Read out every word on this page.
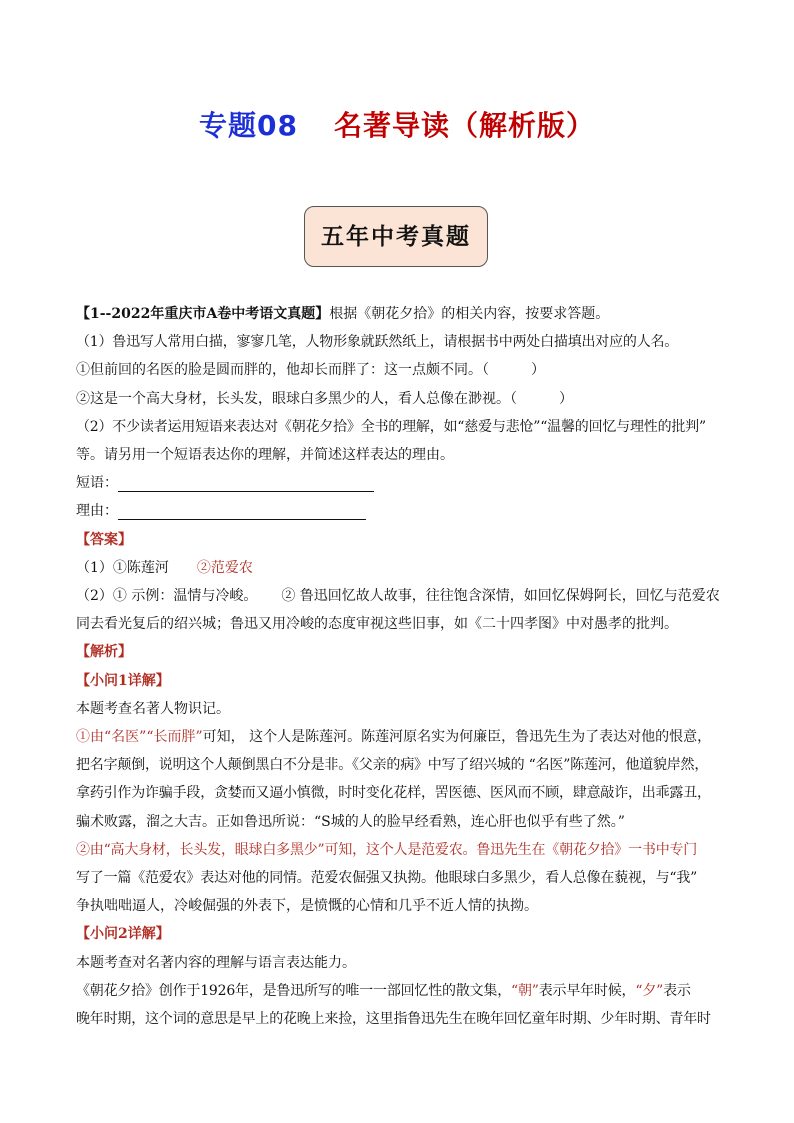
专题08 名著导读（解析版）
五年中考真题
【1--2022年重庆市A卷中考语文真题】根据《朝花夕拾》的相关内容，按要求答题。
（1）鲁迅写人常用白描，寥寥几笔，人物形象就跃然纸上，请根据书中两处白描填出对应的人名。
①但前回的名医的脸是圆而胖的，他却长而胖了：这一点颇不同。（　　　）
②这是一个高大身材，长头发，眼球白多黑少的人，看人总像在渺视。（　　　）
（2）不少读者运用短语来表达对《朝花夕拾》全书的理解，如“慈爱与悲怆”“温馨的回忆与理性的批判”
等。请另用一个短语表达你的理解，并简述这样表达的理由。
短语：
理由：
【答案】
（1）①陈莲河 ②范爱农
（2）① 示例：温情与冷峻。 ② 鲁迅回忆故人故事，往往饱含深情，如回忆保姆阿长，回忆与范爱农
同去看光复后的绍兴城；鲁迅又用冷峻的态度审视这些旧事，如《二十四孝图》中对愚孝的批判。
【解析】
【小问1详解】
本题考查名著人物识记。
①由“名医”“长而胖”可知， 这个人是陈莲河。陈莲河原名实为何廉臣，鲁迅先生为了表达对他的恨意，
把名字颠倒，说明这个人颠倒黑白不分是非。《父亲的病》中写了绍兴城的 “名医”陈莲河，他道貌岸然，
拿药引作为诈骗手段，贪婪而又逼小慎微，时时变化花样，罟医德、医风而不顾，肆意敲诈，出乖露丑，
骗术败露，溜之大吉。正如鲁迅所说：“S城的人的脸早经看熟，连心肝也似乎有些了然。”
②由“高大身材，长头发，眼球白多黑少”可知，这个人是范爱农。鲁迅先生在《朝花夕拾》一书中专门
写了一篇《范爱农》表达对他的同情。范爱农倔强又执拗。他眼球白多黑少，看人总像在藐视，与“我”
争执咄咄逼人，冷峻倔强的外表下，是愤慨的心情和几乎不近人情的执拗。
【小问2详解】
本题考查对名著内容的理解与语言表达能力。
《朝花夕拾》创作于1926年，是鲁迅所写的唯一一部回忆性的散文集，“朝”表示早年时候，“夕”表示
晚年时期，这个词的意思是早上的花晚上来捡，这里指鲁迅先生在晚年回忆童年时期、少年时期、青年时
